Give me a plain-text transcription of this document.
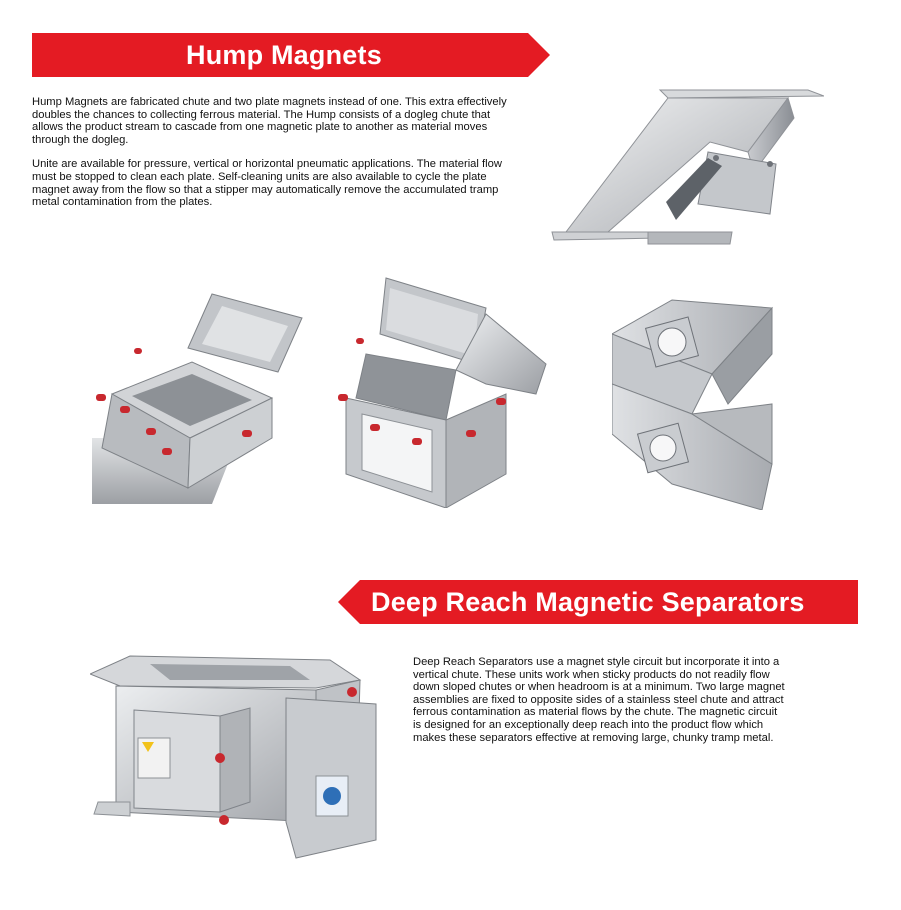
Hump Magnets

Hump Magnets are fabricated chute and two plate magnets instead of one. This extra effectively doubles the chances to collecting ferrous material. The Hump consists of a dogleg chute that allows the product stream to cascade from one magnetic plate to another as material moves through the dogleg.

Unite are available for pressure, vertical or horizontal pneumatic applications. The material flow must be stopped to clean each plate. Self-cleaning units are also available to cycle the plate magnet away from the flow so that a stipper may automatically remove the accumulated tramp metal contamination from the plates.

Deep Reach Magnetic Separators

Deep Reach Separators use a magnet style circuit but incorporate it into a vertical chute. These units work when sticky products do not readily flow down sloped chutes or when headroom is at a minimum. Two large magnet assemblies are fixed to opposite sides of a stainless steel chute and attract ferrous contamination as material flows by the chute. The magnetic circuit is designed for an exceptionally deep reach into the product flow which makes these separators effective at removing large, chunky tramp metal.
